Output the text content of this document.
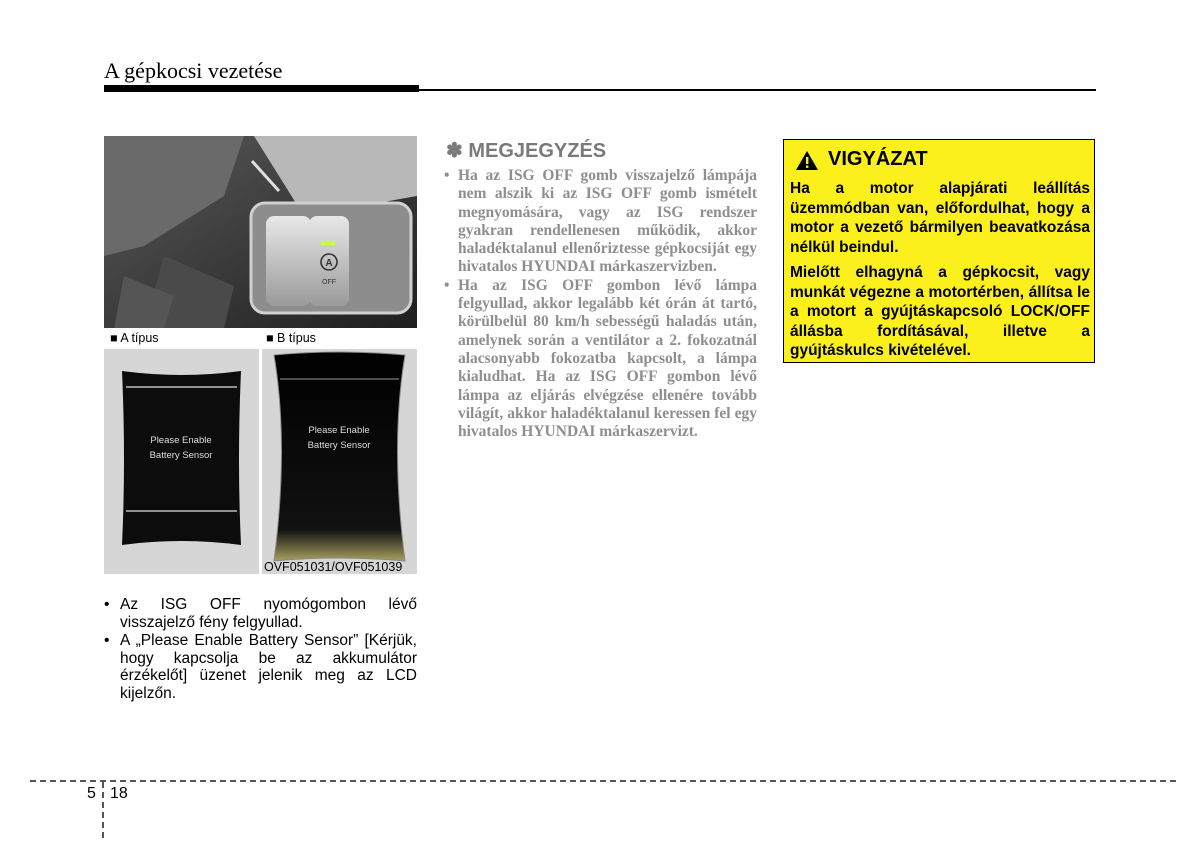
A gépkocsi vezetése
A
OFF
■ A típus	■ B típus
Please Enable
Battery Sensor
Please Enable
Battery Sensor
OVF051031/OVF051039
• Az ISG OFF nyomógombon lévő visszajelző fény felgyullad.
• A „Please Enable Battery Sensor” [Kérjük, hogy kapcsolja be az akkumulátor érzékelőt] üzenet jelenik meg az LCD kijelzőn.
✽ MEGJEGYZÉS
• Ha az ISG OFF gomb visszajelző lámpája nem alszik ki az ISG OFF gomb ismételt megnyomására, vagy az ISG rendszer gyakran rendellenesen működik, akkor haladéktalanul ellenőriztesse gépkocsiját egy hivatalos HYUNDAI márkaszervizben.
• Ha az ISG OFF gombon lévő lámpa felgyullad, akkor legalább két órán át tartó, körülbelül 80 km/h sebességű haladás után, amelynek során a ventilátor a 2. fokozatnál alacsonyabb fokozatba kapcsolt, a lámpa kialudhat. Ha az ISG OFF gombon lévő lámpa az eljárás elvégzése ellenére tovább világít, akkor haladéktalanul keressen fel egy hivatalos HYUNDAI márkaszervizt.
VIGYÁZAT

Ha a motor alapjárati leállítás üzemmódban van, előfordulhat, hogy a motor a vezető bármilyen beavatkozása nélkül beindul.

Mielőtt elhagyná a gépkocsit, vagy munkát végezne a motortérben, állítsa le a motort a gyújtáskapcsoló LOCK/OFF állásba fordításával, illetve a gyújtáskulcs kivételével.

5 18
